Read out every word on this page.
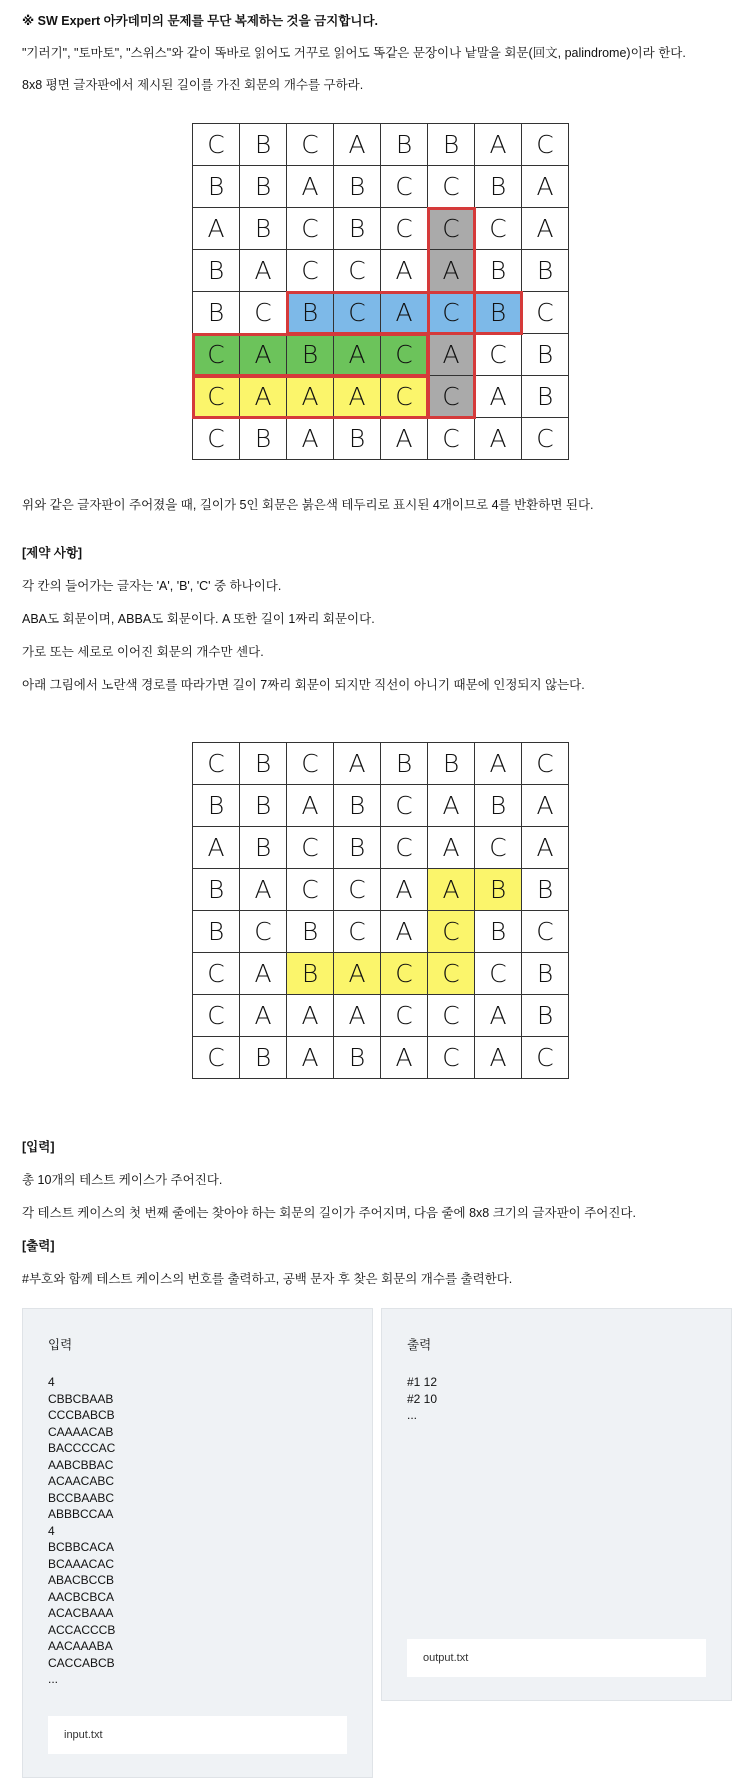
※ SW Expert 아카데미의 문제를 무단 복제하는 것을 금지합니다.

"기러기", "토마토", "스위스"와 같이 똑바로 읽어도 거꾸로 읽어도 똑같은 문장이나 낱말을 회문(回文, palindrome)이라 한다.

8x8 평면 글자판에서 제시된 길이를 가진 회문의 개수를 구하라.

C	B	C	A	B	B	A	C
B	B	A	B	C	C	B	A
A	B	C	B	C	C	C	A
B	A	C	C	A	A	B	B
B	C	B	C	A	C	B	C
C	A	B	A	C	A	C	B
C	A	A	A	C	C	A	B
C	B	A	B	A	C	A	C

위와 같은 글자판이 주어졌을 때, 길이가 5인 회문은 붉은색 테두리로 표시된 4개이므로 4를 반환하면 된다.

[제약 사항]

각 칸의 들어가는 글자는 'A', 'B', 'C' 중 하나이다.

ABA도 회문이며, ABBA도 회문이다. A 또한 길이 1짜리 회문이다.

가로 또는 세로로 이어진 회문의 개수만 센다.

아래 그림에서 노란색 경로를 따라가면 길이 7짜리 회문이 되지만 직선이 아니기 때문에 인정되지 않는다.

C	B	C	A	B	B	A	C
B	B	A	B	C	A	B	A
A	B	C	B	C	A	C	A
B	A	C	C	A	A	B	B
B	C	B	C	A	C	B	C
C	A	B	A	C	C	C	B
C	A	A	A	C	C	A	B
C	B	A	B	A	C	A	C

[입력]

총 10개의 테스트 케이스가 주어진다.

각 테스트 케이스의 첫 번째 줄에는 찾아야 하는 회문의 길이가 주어지며, 다음 줄에 8x8 크기의 글자판이 주어진다.

[출력]

#부호와 함께 테스트 케이스의 번호를 출력하고, 공백 문자 후 찾은 회문의 개수를 출력한다.

입력
4
CBBCBAAB
CCCBABCB
CAAAACAB
BACCCCAC
AABCBBAC
ACAACABC
BCCBAABC
ABBBCCAA
4
BCBBCACA
BCAAACAC
ABACBCCB
AACBCBCA
ACACBAAA
ACCACCCB
AACAAABA
CACCABCB
...
input.txt
출력
#1 12
#2 10
...
output.txt
